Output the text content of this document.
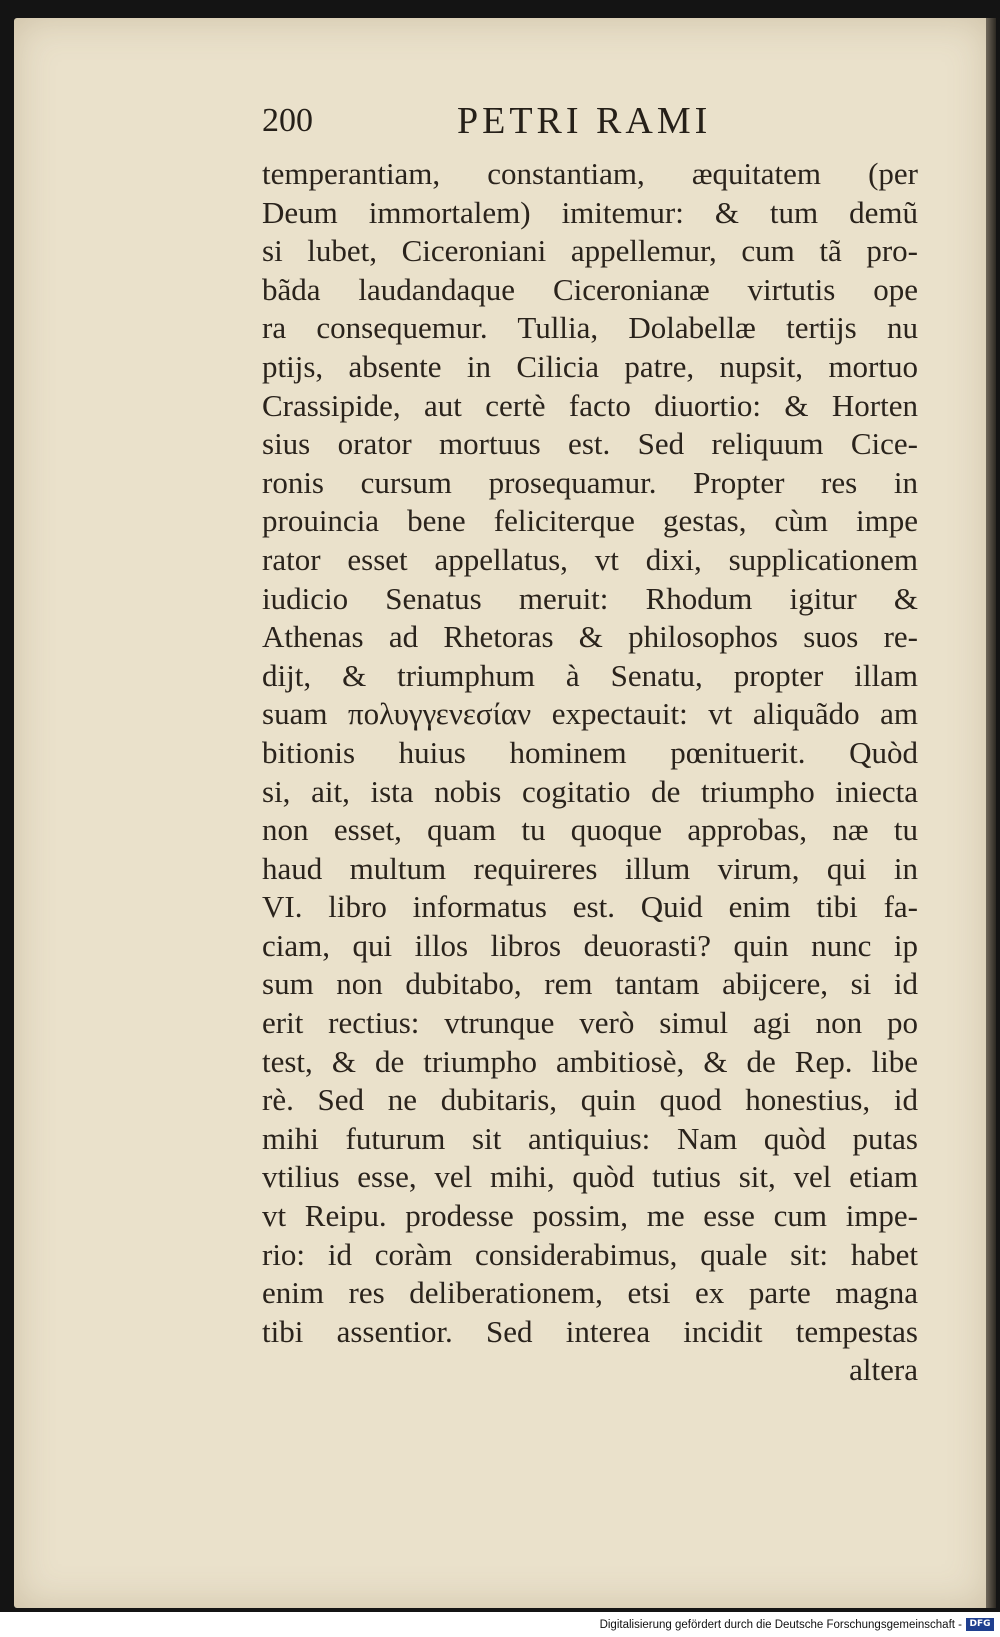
200	PETRI RAMI
temperantiam, constantiam, æquitatem (per
Deum immortalem) imitemur: & tum demũ
si lubet, Ciceroniani appellemur, cum tã pro-
bãda laudandaque Ciceronianæ virtutis ope
ra consequemur. Tullia, Dolabellæ tertijs nu
ptijs, absente in Cilicia patre, nupsit, mortuo
Crassipide, aut certè facto diuortio: & Horten
sius orator mortuus est. Sed reliquum Cice-
ronis cursum prosequamur. Propter res in
prouincia bene feliciterque gestas, cùm impe
rator esset appellatus, vt dixi, supplicationem
iudicio Senatus meruit: Rhodum igitur &
Athenas ad Rhetoras & philosophos suos re-
dijt, & triumphum à Senatu, propter illam
suam πολυγγενεσίαν expectauit: vt aliquãdo am
bitionis huius hominem pœnituerit. Quòd
si, ait, ista nobis cogitatio de triumpho iniecta
non esset, quam tu quoque approbas, næ tu
haud multum requireres illum virum, qui in
VI. libro informatus est. Quid enim tibi fa-
ciam, qui illos libros deuorasti? quin nunc ip
sum non dubitabo, rem tantam abijcere, si id
erit rectius: vtrunque verò simul agi non po
test, & de triumpho ambitiosè, & de Rep. libe
rè. Sed ne dubitaris, quin quod honestius, id
mihi futurum sit antiquius: Nam quòd putas
vtilius esse, vel mihi, quòd tutius sit, vel etiam
vt Reipu. prodesse possim, me esse cum impe-
rio: id coràm considerabimus, quale sit: habet
enim res deliberationem, etsi ex parte magna
tibi assentior. Sed interea incidit tempestas
altera
Digitalisierung gefördert durch die Deutsche Forschungsgemeinschaft - DFG
